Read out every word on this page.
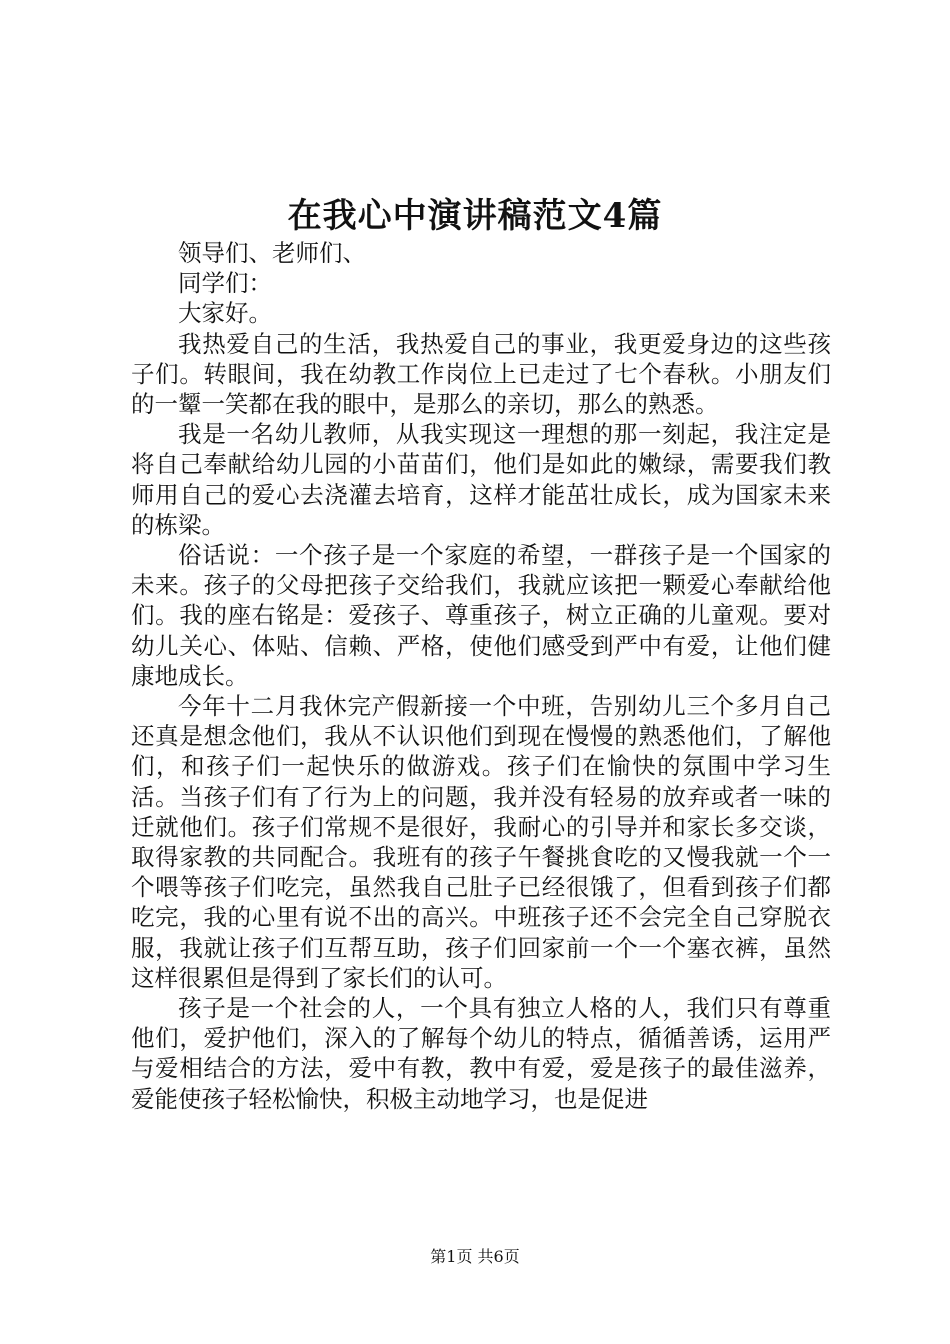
在我心中演讲稿范文4篇

领导们、老师们、

同学们：

大家好。

我热爱自己的生活，我热爱自己的事业，我更爱身边的这些孩子们。转眼间，我在幼教工作岗位上已走过了七个春秋。小朋友们的一颦一笑都在我的眼中，是那么的亲切，那么的熟悉。

我是一名幼儿教师，从我实现这一理想的那一刻起，我注定是将自己奉献给幼儿园的小苗苗们，他们是如此的嫩绿，需要我们教师用自己的爱心去浇灌去培育，这样才能茁壮成长，成为国家未来的栋梁。

俗话说：一个孩子是一个家庭的希望，一群孩子是一个国家的未来。孩子的父母把孩子交给我们，我就应该把一颗爱心奉献给他们。我的座右铭是：爱孩子、尊重孩子，树立正确的儿童观。要对幼儿关心、体贴、信赖、严格，使他们感受到严中有爱，让他们健康地成长。

今年十二月我休完产假新接一个中班，告别幼儿三个多月自己还真是想念他们，我从不认识他们到现在慢慢的熟悉他们，了解他们，和孩子们一起快乐的做游戏。孩子们在愉快的氛围中学习生活。当孩子们有了行为上的问题，我并没有轻易的放弃或者一味的迁就他们。孩子们常规不是很好，我耐心的引导并和家长多交谈，取得家教的共同配合。我班有的孩子午餐挑食吃的又慢我就一个一个喂等孩子们吃完，虽然我自己肚子已经很饿了，但看到孩子们都吃完，我的心里有说不出的高兴。中班孩子还不会完全自己穿脱衣服，我就让孩子们互帮互助，孩子们回家前一个一个塞衣裤，虽然这样很累但是得到了家长们的认可。

孩子是一个社会的人，一个具有独立人格的人，我们只有尊重他们，爱护他们，深入的了解每个幼儿的特点，循循善诱，运用严与爱相结合的方法，爱中有教，教中有爱，爱是孩子的最佳滋养，爱能使孩子轻松愉快，积极主动地学习，也是促进

第1页 共6页
